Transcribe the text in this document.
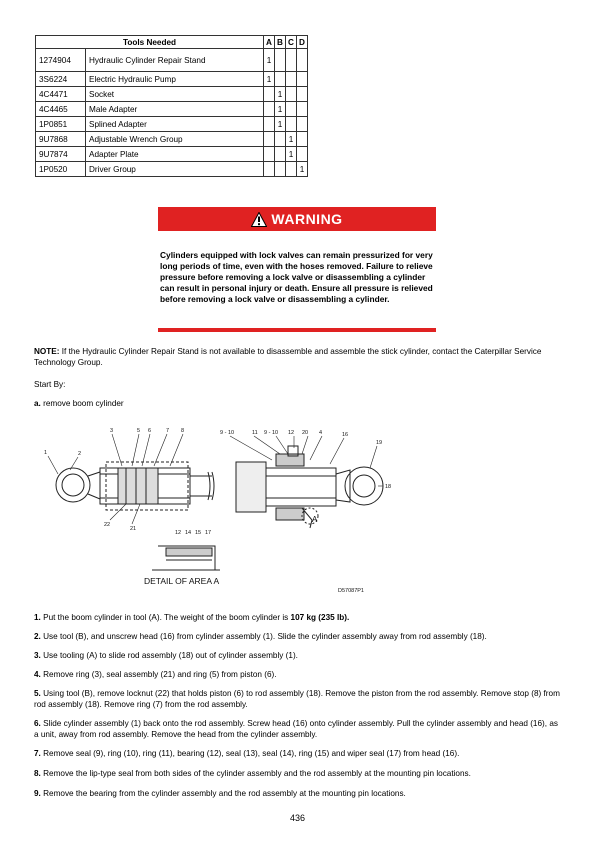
Tools Needed		A	B	C	D
1274904	Hydraulic Cylinder Repair Stand	1			
3S6224	Electric Hydraulic Pump	1			
4C4471	Socket		1		
4C4465	Male Adapter		1		
1P0851	Splined Adapter		1		
9U7868	Adjustable Wrench Group			1	
9U7874	Adapter Plate			1	
1P0520	Driver Group				1
WARNING
Cylinders equipped with lock valves can remain pressurized for very long periods of time, even with the hoses removed. Failure to relieve pressure before removing a lock valve or disassembling a cylinder can result in personal injury or death. Ensure all pressure is relieved before removing a lock valve or disassembling a cylinder.
NOTE: If the Hydraulic Cylinder Repair Stand is not available to disassemble and assemble the stick cylinder, contact the Caterpillar Service Technology Group.
Start By:
a. remove boom cylinder
1	2
3	5 6	7 8	9 - 10	11 9 - 10 12 20 4	16
19
18
22
21
12 14 15 17
A
DETAIL OF AREA A
D57087P1
1. Put the boom cylinder in tool (A). The weight of the boom cylinder is 107 kg (235 lb).
2. Use tool (B), and unscrew head (16) from cylinder assembly (1). Slide the cylinder assembly away from rod assembly (18).
3. Use tooling (A) to slide rod assembly (18) out of cylinder assembly (1).
4. Remove ring (3), seal assembly (21) and ring (5) from piston (6).
5. Using tool (B), remove locknut (22) that holds piston (6) to rod assembly (18). Remove the piston from the rod assembly. Remove stop (8) from rod assembly (18). Remove ring (7) from the rod assembly.
6. Slide cylinder assembly (1) back onto the rod assembly. Screw head (16) onto cylinder assembly. Pull the cylinder assembly and head (16), as a unit, away from rod assembly. Remove the head from the cylinder assembly.
7. Remove seal (9), ring (10), ring (11), bearing (12), seal (13), seal (14), ring (15) and wiper seal (17) from head (16).
8. Remove the lip-type seal from both sides of the cylinder assembly and the rod assembly at the mounting pin locations.
9. Remove the bearing from the cylinder assembly and the rod assembly at the mounting pin locations.
436
